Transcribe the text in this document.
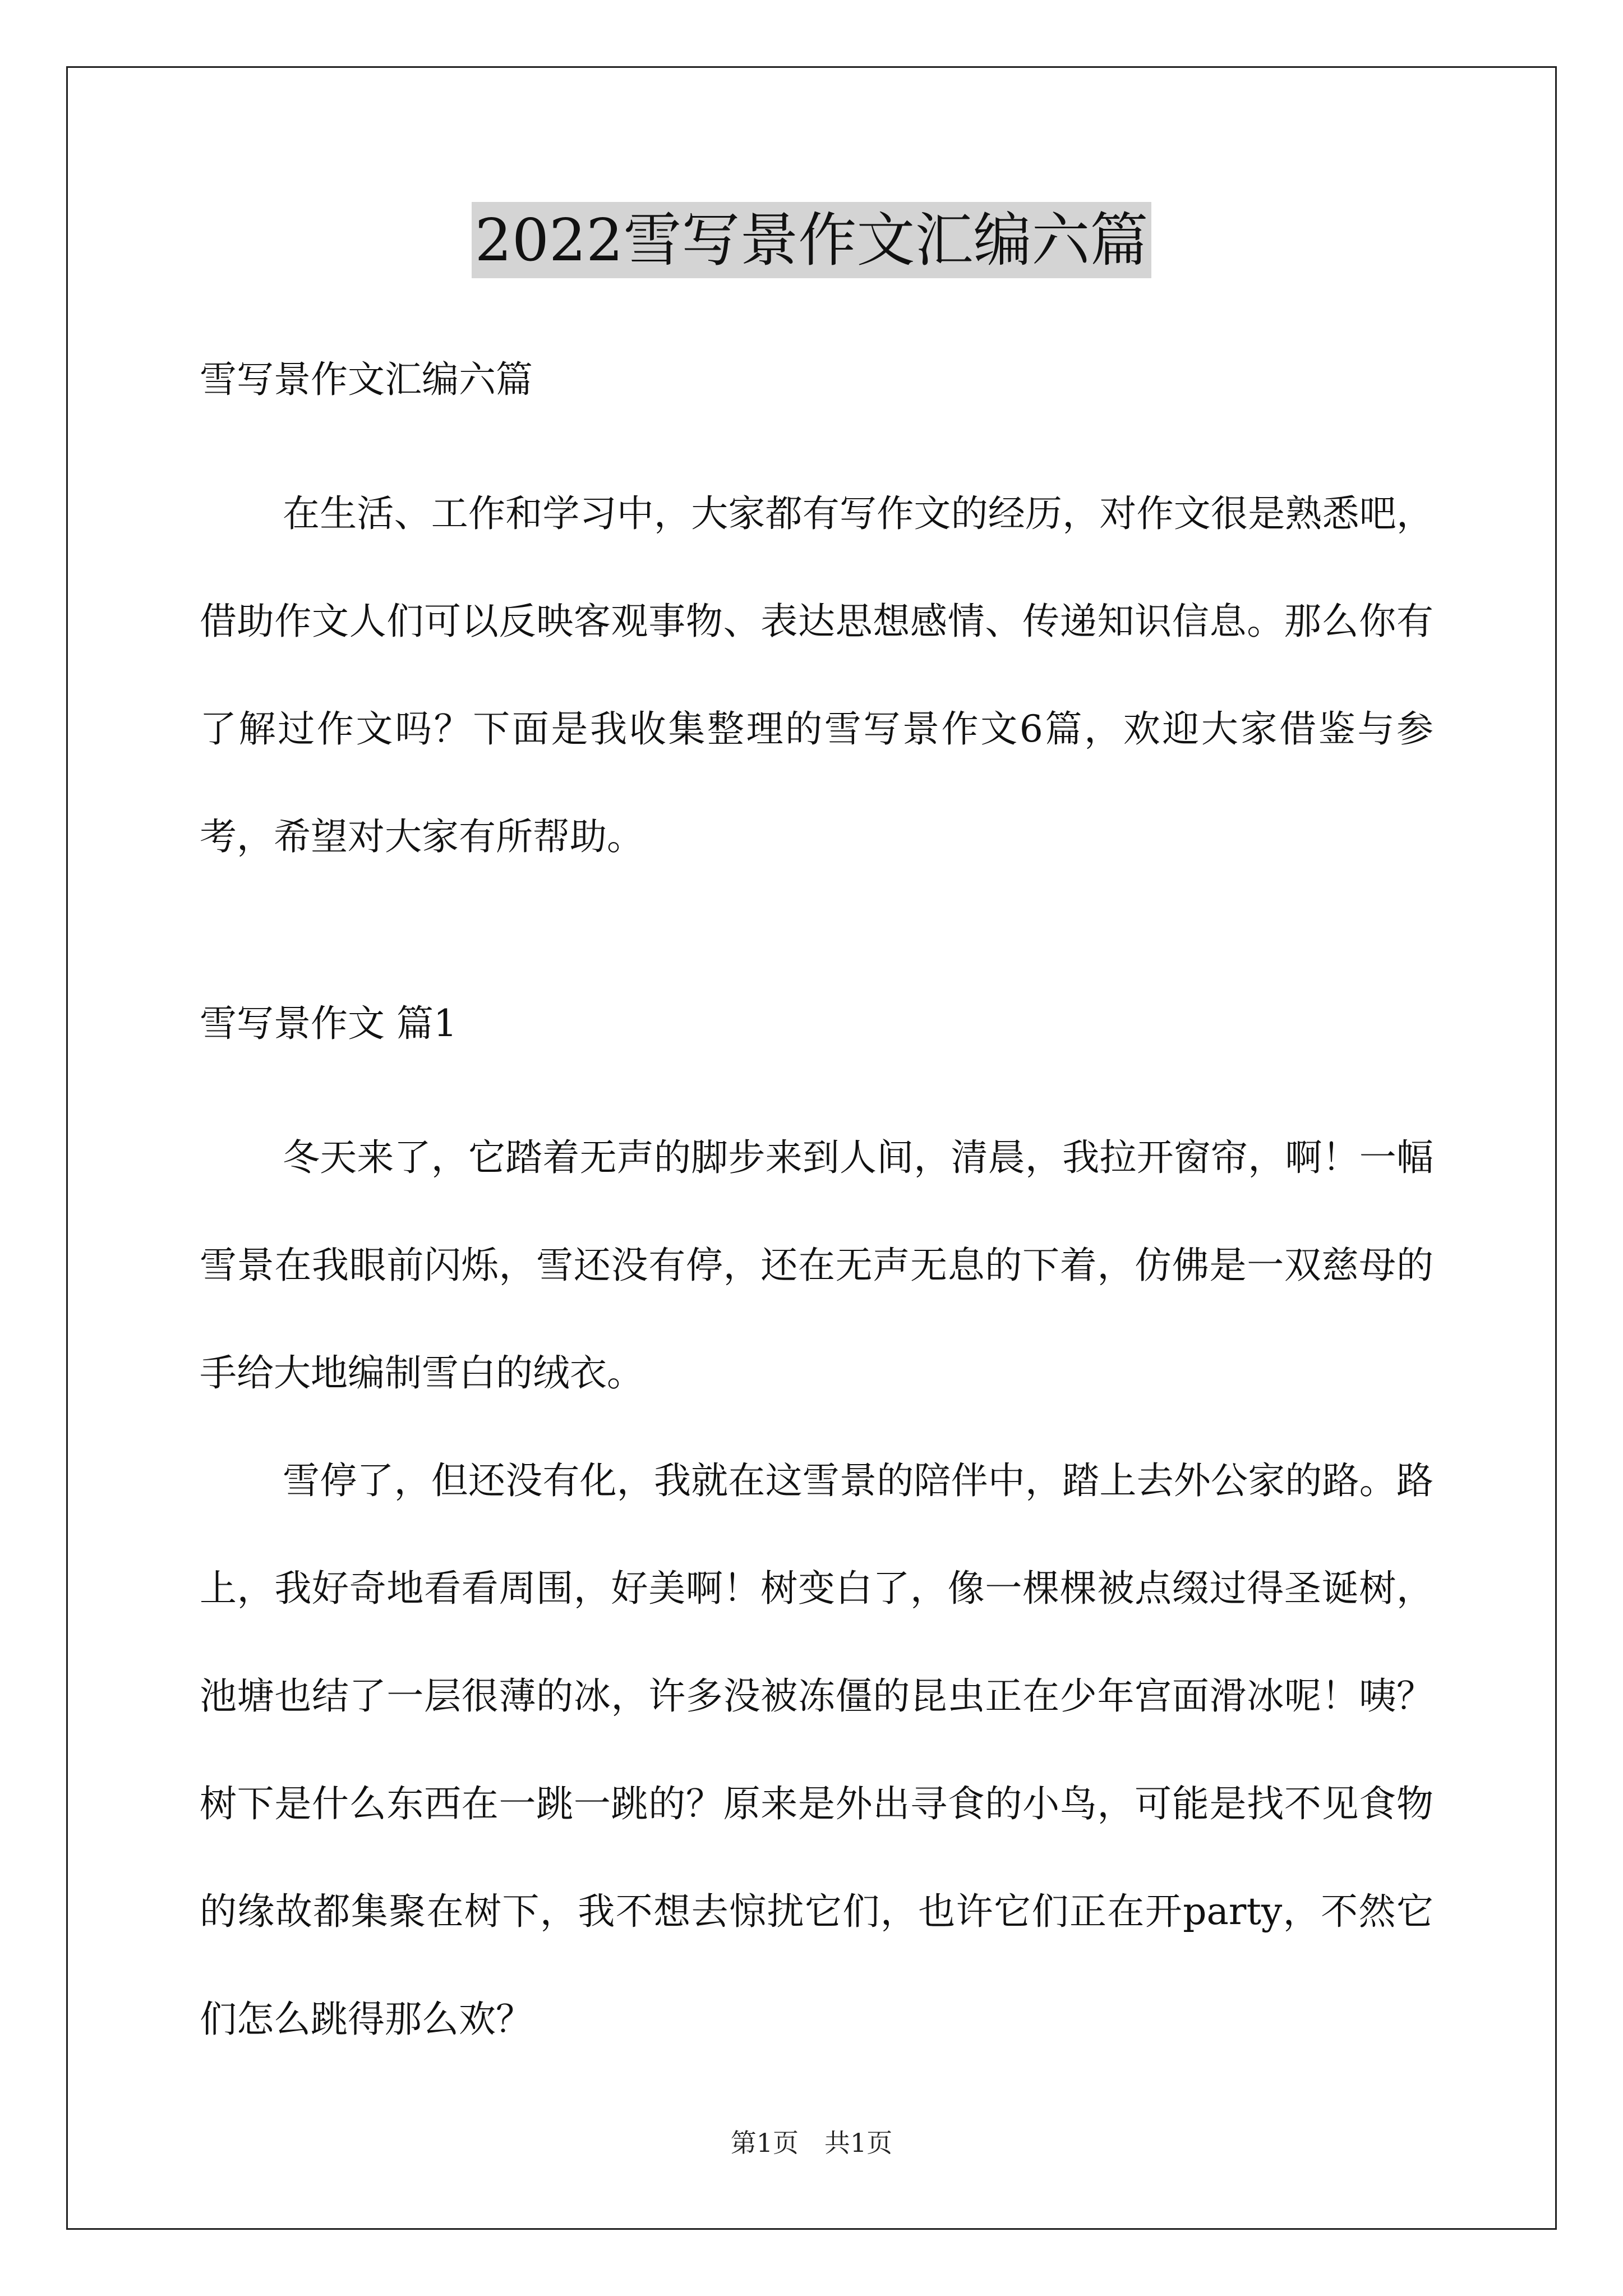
2022雪写景作文汇编六篇

雪写景作文汇编六篇

在生活、工作和学习中，大家都有写作文的经历，对作文很是熟悉吧，借助作文人们可以反映客观事物、表达思想感情、传递知识信息。那么你有了解过作文吗？下面是我收集整理的雪写景作文6篇，欢迎大家借鉴与参考，希望对大家有所帮助。

雪写景作文 篇1

冬天来了，它踏着无声的脚步来到人间，清晨，我拉开窗帘，啊！一幅雪景在我眼前闪烁，雪还没有停，还在无声无息的下着，仿佛是一双慈母的手给大地编制雪白的绒衣。

雪停了，但还没有化，我就在这雪景的陪伴中，踏上去外公家的路。路上，我好奇地看看周围，好美啊！树变白了，像一棵棵被点缀过得圣诞树，池塘也结了一层很薄的冰，许多没被冻僵的昆虫正在少年宫面滑冰呢！咦？树下是什么东西在一跳一跳的？原来是外出寻食的小鸟，可能是找不见食物的缘故都集聚在树下，我不想去惊扰它们，也许它们正在开party，不然它们怎么跳得那么欢？

第1页　共1页
